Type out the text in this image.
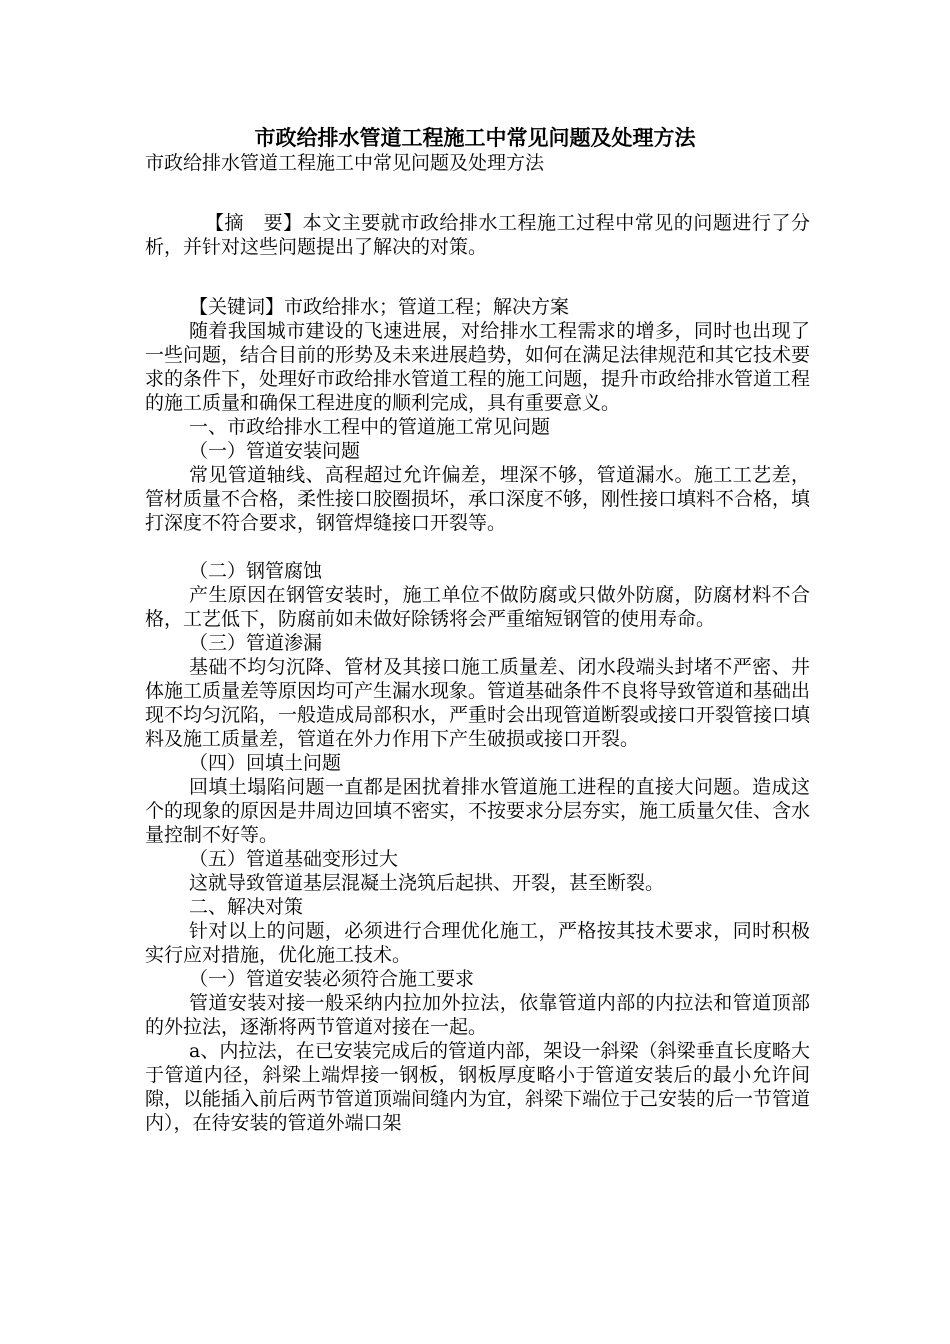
市政给排水管道工程施工中常见问题及处理方法

市政给排水管道工程施工中常见问题及处理方法

【摘　要】本文主要就市政给排水工程施工过程中常见的问题进行了分析，并针对这些问题提出了解决的对策。

【关键词】市政给排水；管道工程；解决方案

随着我国城市建设的飞速进展，对给排水工程需求的增多，同时也出现了一些问题，结合目前的形势及未来进展趋势，如何在满足法律规范和其它技术要求的条件下，处理好市政给排水管道工程的施工问题，提升市政给排水管道工程的施工质量和确保工程进度的顺利完成，具有重要意义。

一、市政给排水工程中的管道施工常见问题

（一）管道安装问题

常见管道轴线、高程超过允许偏差，埋深不够，管道漏水。施工工艺差，管材质量不合格，柔性接口胶圈损坏，承口深度不够，刚性接口填料不合格，填打深度不符合要求，钢管焊缝接口开裂等。

（二）钢管腐蚀

产生原因在钢管安装时，施工单位不做防腐或只做外防腐，防腐材料不合格，工艺低下，防腐前如未做好除锈将会严重缩短钢管的使用寿命。

（三）管道渗漏

基础不均匀沉降、管材及其接口施工质量差、闭水段端头封堵不严密、井体施工质量差等原因均可产生漏水现象。管道基础条件不良将导致管道和基础出现不均匀沉陷，一般造成局部积水，严重时会出现管道断裂或接口开裂管接口填料及施工质量差，管道在外力作用下产生破损或接口开裂。

（四）回填土问题

回填土塌陷问题一直都是困扰着排水管道施工进程的直接大问题。造成这个的现象的原因是井周边回填不密实，不按要求分层夯实，施工质量欠佳、含水量控制不好等。

（五）管道基础变形过大

这就导致管道基层混凝土浇筑后起拱、开裂，甚至断裂。

二、解决对策

针对以上的问题，必须进行合理优化施工，严格按其技术要求，同时积极实行应对措施，优化施工技术。

（一）管道安装必须符合施工要求

管道安装对接一般采纳内拉加外拉法，依靠管道内部的内拉法和管道顶部的外拉法，逐渐将两节管道对接在一起。

a、内拉法，在已安装完成后的管道内部，架设一斜梁（斜梁垂直长度略大于管道内径，斜梁上端焊接一钢板，钢板厚度略小于管道安装后的最小允许间隙，以能插入前后两节管道顶端间缝内为宜，斜梁下端位于己安装的后一节管道内），在待安装的管道外端口架
